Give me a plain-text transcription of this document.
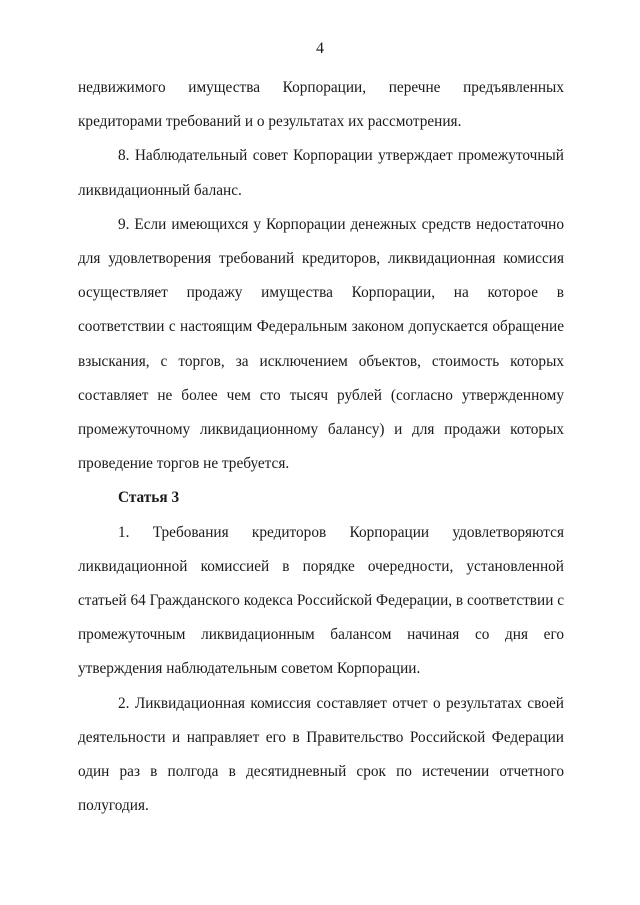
4

недвижимого имущества Корпорации, перечне предъявленных кредиторами требований и о результатах их рассмотрения.

8. Наблюдательный совет Корпорации утверждает промежуточный ликвидационный баланс.

9. Если имеющихся у Корпорации денежных средств недостаточно для удовлетворения требований кредиторов, ликвидационная комиссия осуществляет продажу имущества Корпорации, на которое в соответствии с настоящим Федеральным законом допускается обращение взыскания, с торгов, за исключением объектов, стоимость которых составляет не более чем сто тысяч рублей (согласно утвержденному промежуточному ликвидационному балансу) и для продажи которых проведение торгов не требуется.

Статья 3

1. Требования кредиторов Корпорации удовлетворяются ликвидационной комиссией в порядке очередности, установленной статьей 64 Гражданского кодекса Российской Федерации, в соответствии с промежуточным ликвидационным балансом начиная со дня его утверждения наблюдательным советом Корпорации.

2. Ликвидационная комиссия составляет отчет о результатах своей деятельности и направляет его в Правительство Российской Федерации один раз в полгода в десятидневный срок по истечении отчетного полугодия.
